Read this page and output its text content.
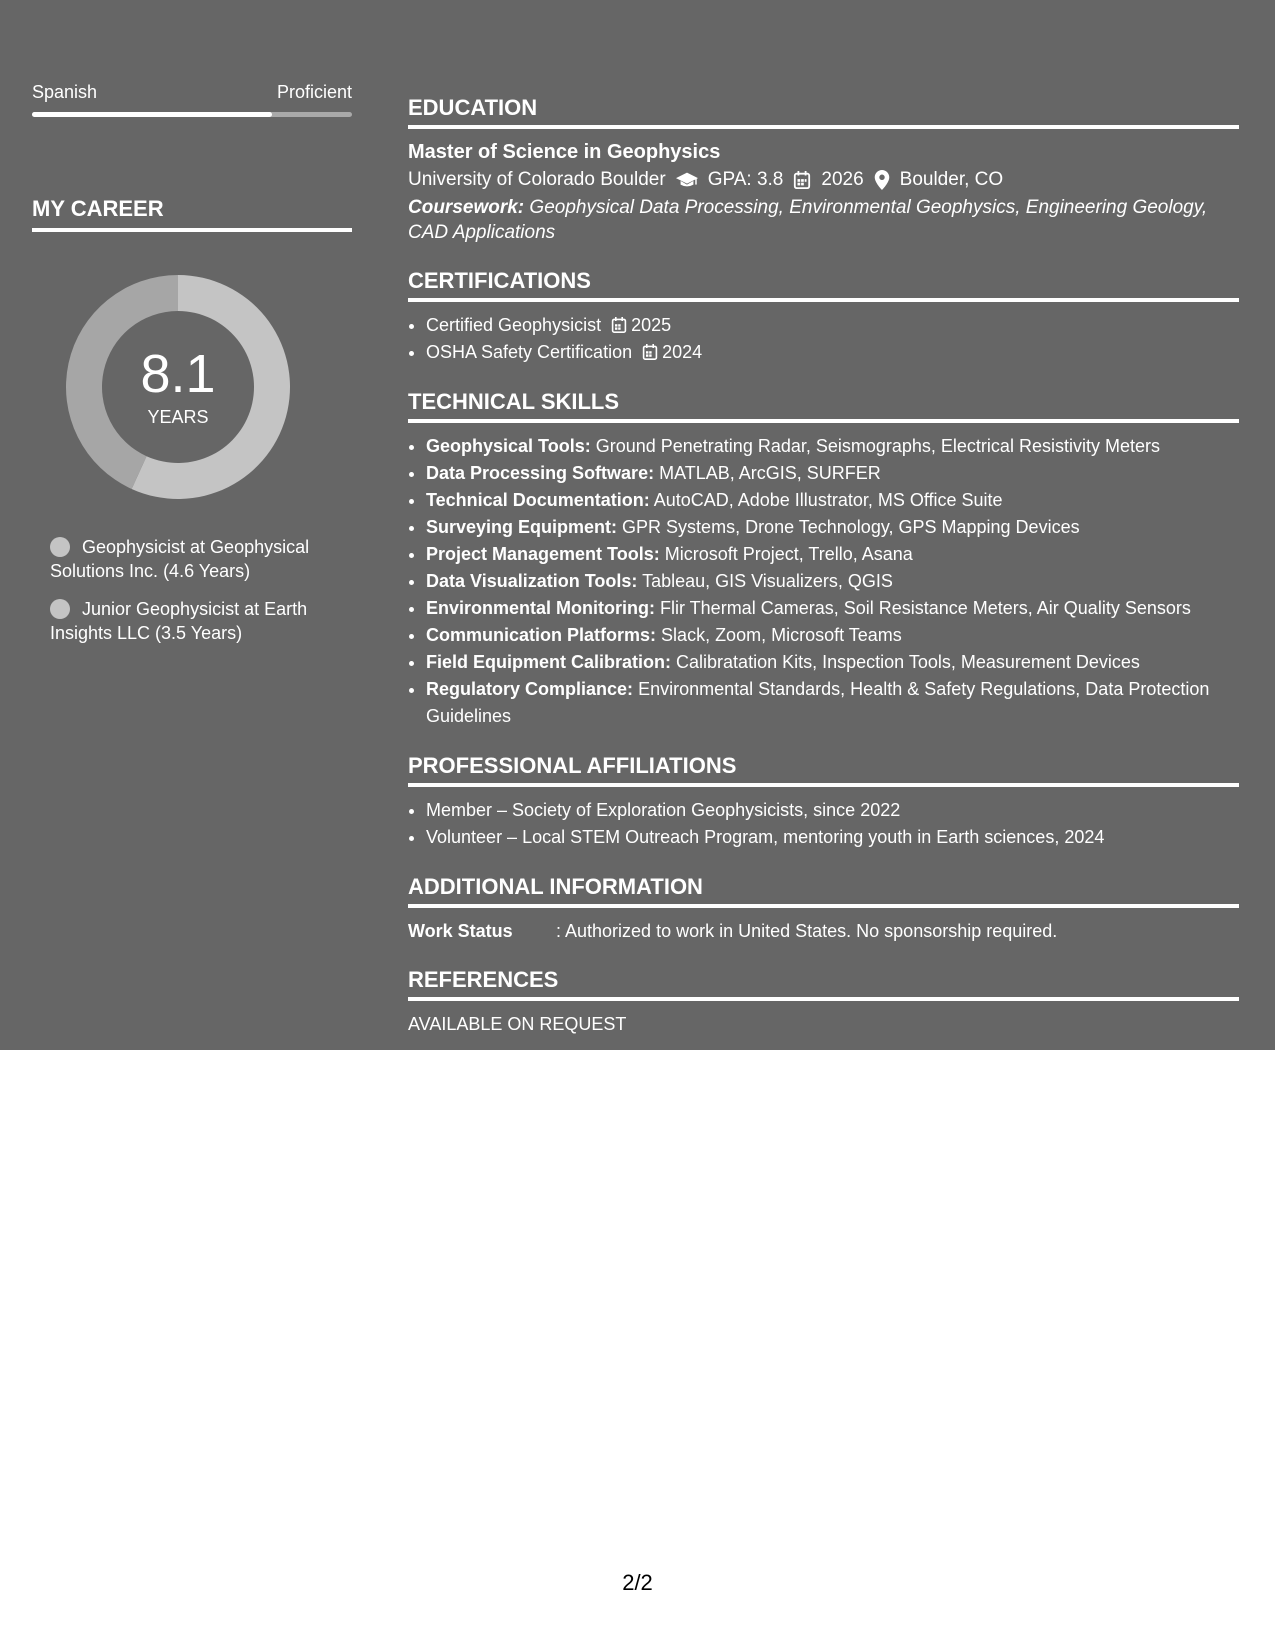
Spanish	Proficient
MY CAREER
8.1
YEARS
Geophysicist at Geophysical Solutions Inc. (4.6 Years)
Junior Geophysicist at Earth Insights LLC (3.5 Years)
EDUCATION
Master of Science in Geophysics
University of Colorado Boulder GPA: 3.8 2026 Boulder, CO
Coursework: Geophysical Data Processing, Environmental Geophysics, Engineering Geology, CAD Applications
CERTIFICATIONS
• Certified Geophysicist 2025
• OSHA Safety Certification 2024
TECHNICAL SKILLS
• Geophysical Tools: Ground Penetrating Radar, Seismographs, Electrical Resistivity Meters
• Data Processing Software: MATLAB, ArcGIS, SURFER
• Technical Documentation: AutoCAD, Adobe Illustrator, MS Office Suite
• Surveying Equipment: GPR Systems, Drone Technology, GPS Mapping Devices
• Project Management Tools: Microsoft Project, Trello, Asana
• Data Visualization Tools: Tableau, GIS Visualizers, QGIS
• Environmental Monitoring: Flir Thermal Cameras, Soil Resistance Meters, Air Quality Sensors
• Communication Platforms: Slack, Zoom, Microsoft Teams
• Field Equipment Calibration: Calibratation Kits, Inspection Tools, Measurement Devices
• Regulatory Compliance: Environmental Standards, Health & Safety Regulations, Data Protection Guidelines
PROFESSIONAL AFFILIATIONS
• Member – Society of Exploration Geophysicists, since 2022
• Volunteer – Local STEM Outreach Program, mentoring youth in Earth sciences, 2024
ADDITIONAL INFORMATION
Work Status	: Authorized to work in United States. No sponsorship required.
REFERENCES
AVAILABLE ON REQUEST
2/2
